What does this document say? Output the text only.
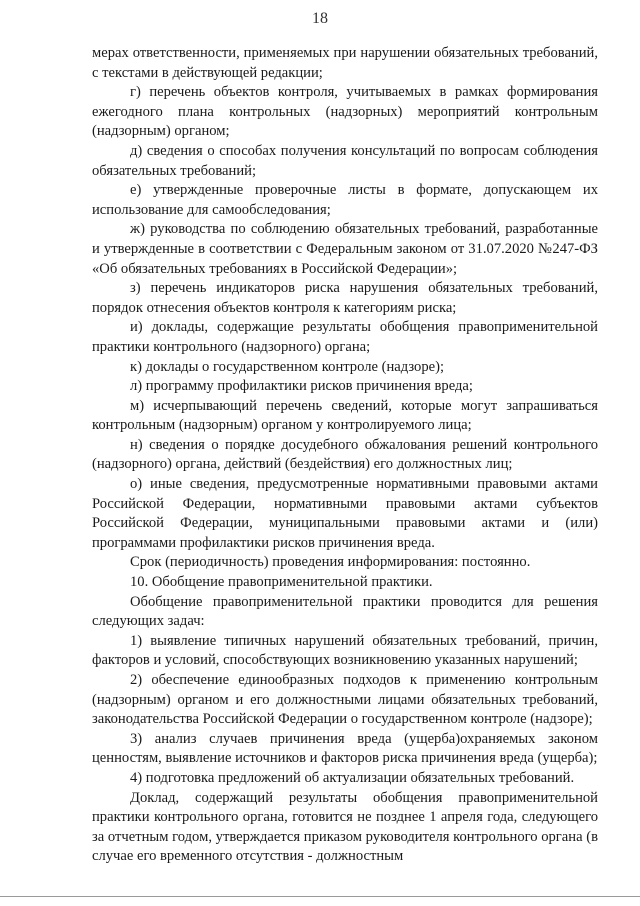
18

мерах ответственности, применяемых при нарушении обязательных требований, с текстами в действующей редакции;

г) перечень объектов контроля, учитываемых в рамках формирования ежегодного плана контрольных (надзорных) мероприятий контрольным (надзорным) органом;

д) сведения о способах получения консультаций по вопросам соблюдения обязательных требований;

е) утвержденные проверочные листы в формате, допускающем их использование для самообследования;

ж) руководства по соблюдению обязательных требований, разработанные и утвержденные в соответствии с Федеральным законом от 31.07.2020 №247-ФЗ «Об обязательных требованиях в Российской Федерации»;

з) перечень индикаторов риска нарушения обязательных требований, порядок отнесения объектов контроля к категориям риска;

и) доклады, содержащие результаты обобщения правоприменительной практики контрольного (надзорного) органа;

к) доклады о государственном контроле (надзоре);

л) программу профилактики рисков причинения вреда;

м) исчерпывающий перечень сведений, которые могут запрашиваться контрольным (надзорным) органом у контролируемого лица;

н) сведения о порядке досудебного обжалования решений контрольного (надзорного) органа, действий (бездействия) его должностных лиц;

о) иные сведения, предусмотренные нормативными правовыми актами Российской Федерации, нормативными правовыми актами субъектов Российской Федерации, муниципальными правовыми актами и (или) программами профилактики рисков причинения вреда.

Срок (периодичность) проведения информирования: постоянно.

10. Обобщение правоприменительной практики.

Обобщение правоприменительной практики проводится для решения следующих задач:

1) выявление типичных нарушений обязательных требований, причин, факторов и условий, способствующих возникновению указанных нарушений;

2) обеспечение единообразных подходов к применению контрольным (надзорным) органом и его должностными лицами обязательных требований, законодательства Российской Федерации о государственном контроле (надзоре);

3) анализ случаев причинения вреда (ущерба)охраняемых законом ценностям, выявление источников и факторов риска причинения вреда (ущерба);

4) подготовка предложений об актуализации обязательных требований.

Доклад, содержащий результаты обобщения правоприменительной практики контрольного органа, готовится не позднее 1 апреля года, следующего за отчетным годом, утверждается приказом руководителя контрольного органа (в случае его временного отсутствия - должностным
